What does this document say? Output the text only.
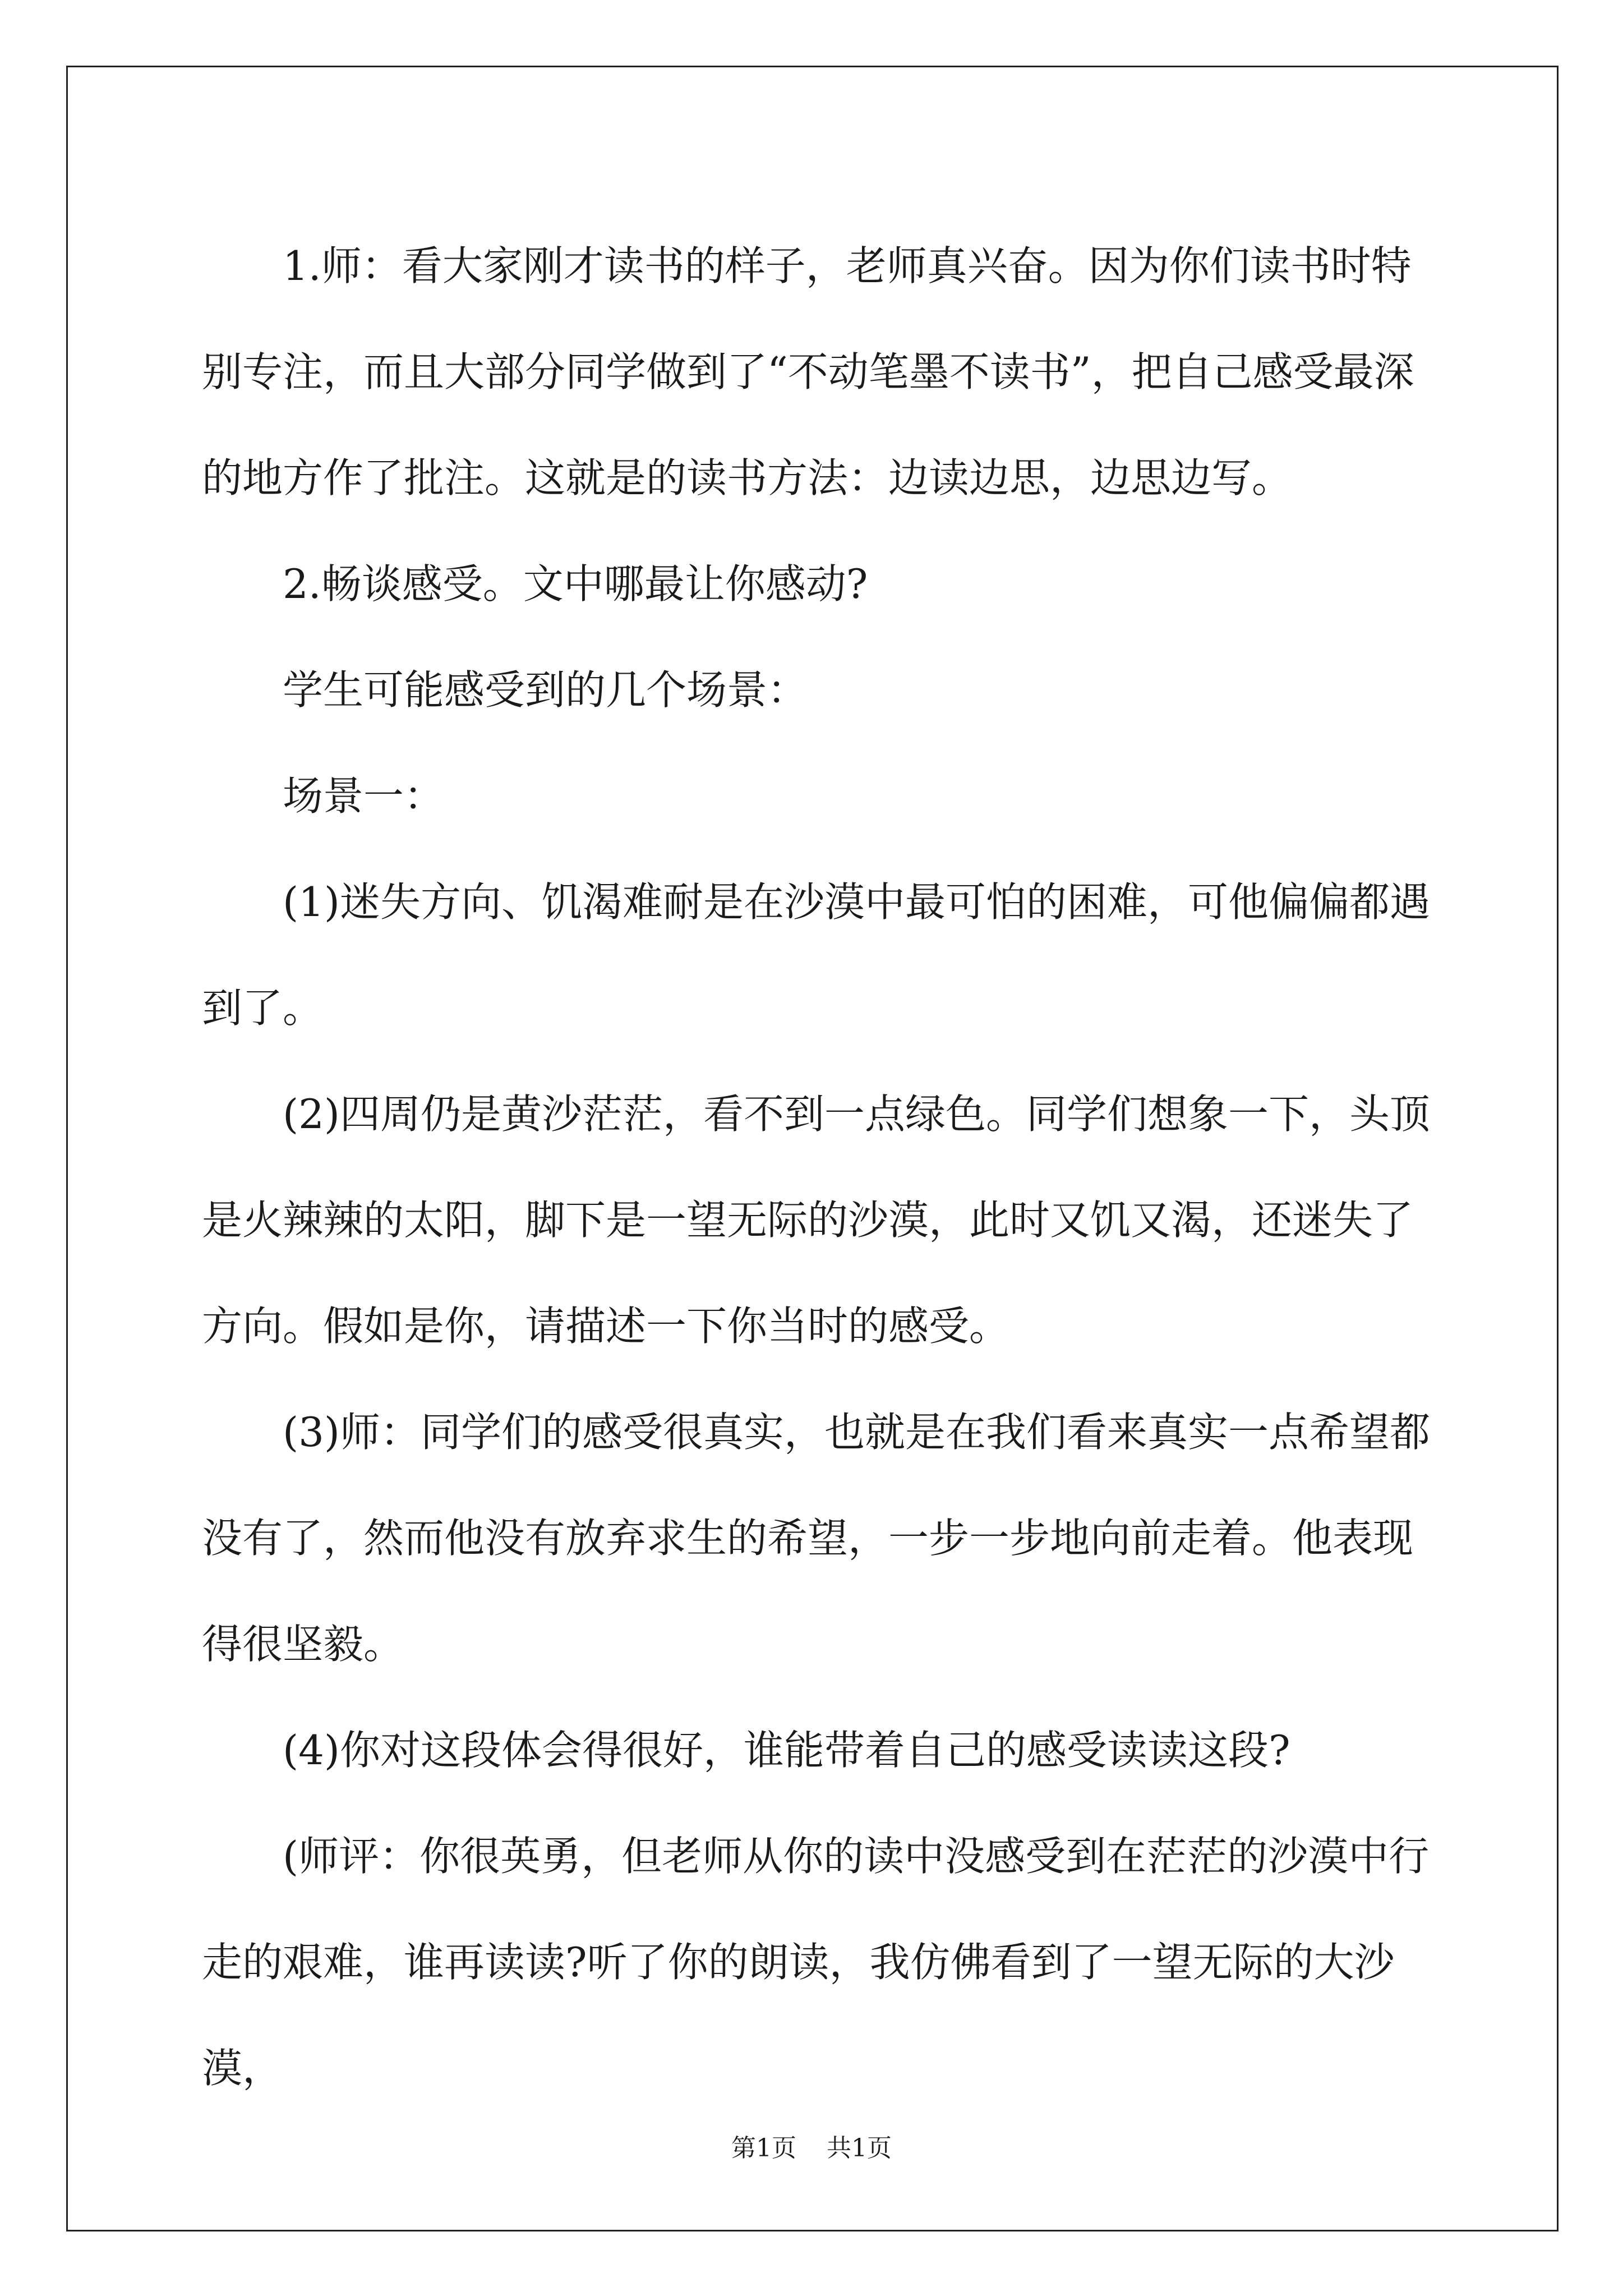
1.师：看大家刚才读书的样子，老师真兴奋。因为你们读书时特别专注，而且大部分同学做到了“不动笔墨不读书”，把自己感受最深的地方作了批注。这就是的读书方法：边读边思，边思边写。

2.畅谈感受。文中哪最让你感动?

学生可能感受到的几个场景：

场景一：

(1)迷失方向、饥渴难耐是在沙漠中最可怕的困难，可他偏偏都遇到了。

(2)四周仍是黄沙茫茫，看不到一点绿色。同学们想象一下，头顶是火辣辣的太阳，脚下是一望无际的沙漠，此时又饥又渴，还迷失了方向。假如是你，请描述一下你当时的感受。

(3)师：同学们的感受很真实，也就是在我们看来真实一点希望都没有了，然而他没有放弃求生的希望，一步一步地向前走着。他表现得很坚毅。

(4)你对这段体会得很好，谁能带着自己的感受读读这段?

(师评：你很英勇，但老师从你的读中没感受到在茫茫的沙漠中行走的艰难，谁再读读?听了你的朗读，我仿佛看到了一望无际的大沙漠，

第1页 共1页
